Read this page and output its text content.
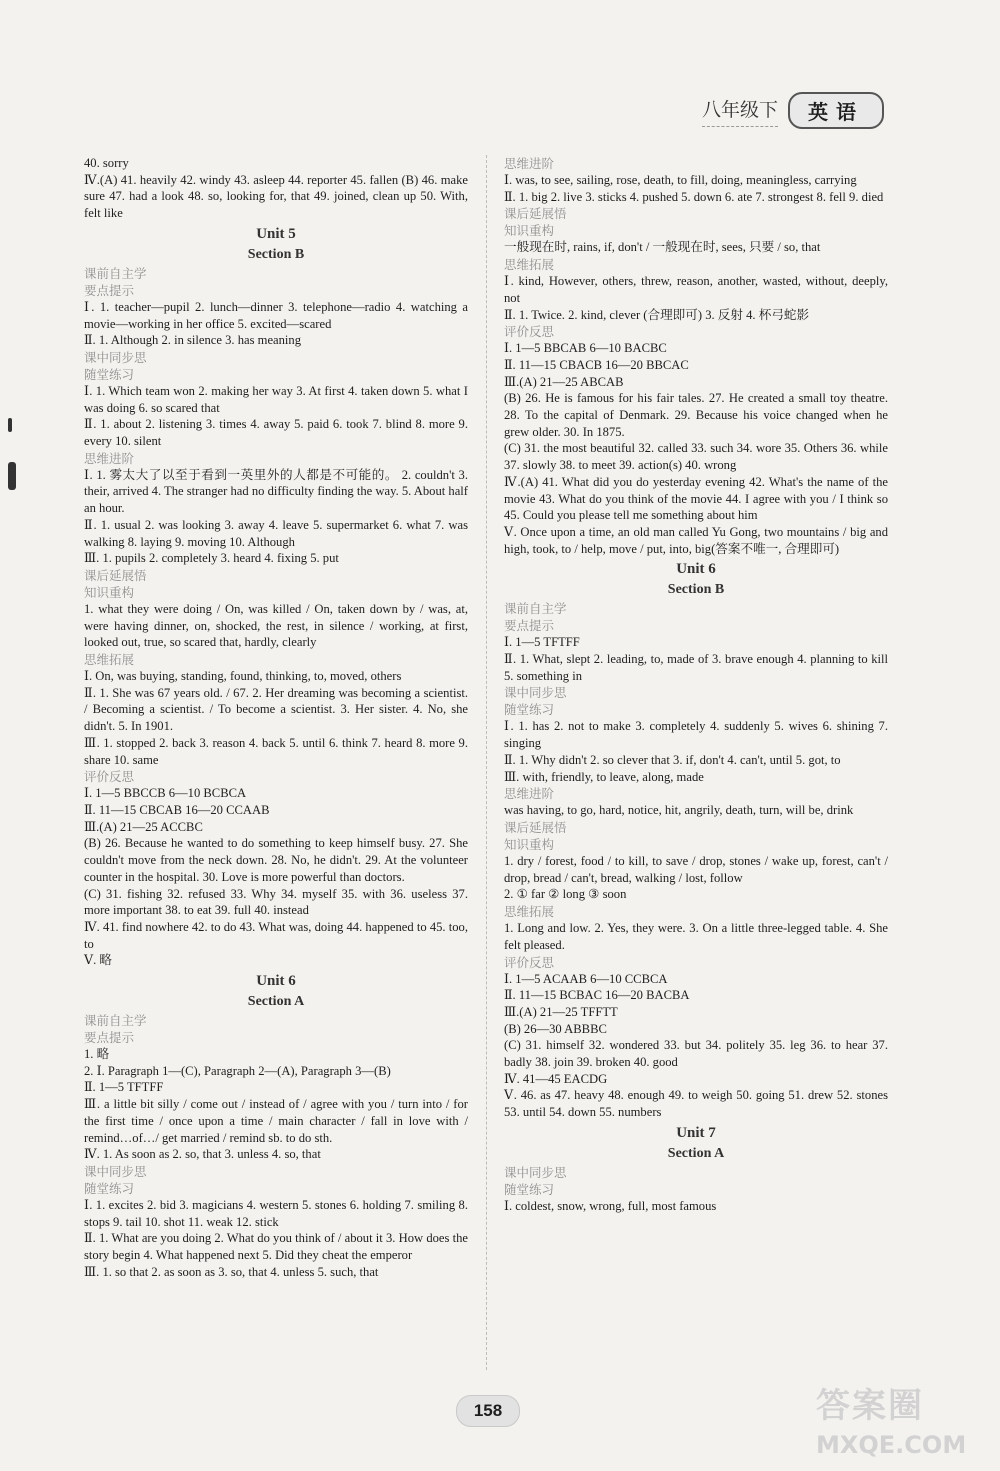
八年级下	英语

40. sorry

Ⅳ.(A) 41. heavily 42. windy 43. asleep 44. reporter 45. fallen (B) 46. make sure 47. had a look 48. so, looking for, that 49. joined, clean up 50. With, felt like

Unit 5

Section B

课前自主学

要点提示

Ⅰ. 1. teacher—pupil 2. lunch—dinner 3. telephone—radio 4. watching a movie—working in her office 5. excited—scared

Ⅱ. 1. Although 2. in silence 3. has meaning

课中同步思

随堂练习

Ⅰ. 1. Which team won 2. making her way 3. At first 4. taken down 5. what I was doing 6. so scared that

Ⅱ. 1. about 2. listening 3. times 4. away 5. paid 6. took 7. blind 8. more 9. every 10. silent

思维进阶

Ⅰ. 1. 雾太大了以至于看到一英里外的人都是不可能的。 2. couldn't 3. their, arrived 4. The stranger had no difficulty finding the way. 5. About half an hour.

Ⅱ. 1. usual 2. was looking 3. away 4. leave 5. supermarket 6. what 7. was walking 8. laying 9. moving 10. Although

Ⅲ. 1. pupils 2. completely 3. heard 4. fixing 5. put

课后延展悟

知识重构

1. what they were doing / On, was killed / On, taken down by / was, at, were having dinner, on, shocked, the rest, in silence / working, at first, looked out, true, so scared that, hardly, clearly

思维拓展

Ⅰ. On, was buying, standing, found, thinking, to, moved, others

Ⅱ. 1. She was 67 years old. / 67. 2. Her dreaming was becoming a scientist. / Becoming a scientist. / To become a scientist. 3. Her sister. 4. No, she didn't. 5. In 1901.

Ⅲ. 1. stopped 2. back 3. reason 4. back 5. until 6. think 7. heard 8. more 9. share 10. same

评价反思

Ⅰ. 1—5 BBCCB 6—10 BCBCA

Ⅱ. 11—15 CBCAB 16—20 CCAAB

Ⅲ.(A) 21—25 ACCBC

(B) 26. Because he wanted to do something to keep himself busy. 27. She couldn't move from the neck down. 28. No, he didn't. 29. At the volunteer counter in the hospital. 30. Love is more powerful than doctors.

(C) 31. fishing 32. refused 33. Why 34. myself 35. with 36. useless 37. more important 38. to eat 39. full 40. instead

Ⅳ. 41. find nowhere 42. to do 43. What was, doing 44. happened to 45. too, to

Ⅴ. 略

Unit 6

Section A

课前自主学

要点提示

1. 略

2. Ⅰ. Paragraph 1—(C), Paragraph 2—(A), Paragraph 3—(B)

Ⅱ. 1—5 TFTFF

Ⅲ. a little bit silly / come out / instead of / agree with you / turn into / for the first time / once upon a time / main character / fall in love with / remind…of…/ get married / remind sb. to do sth.

Ⅳ. 1. As soon as 2. so, that 3. unless 4. so, that

课中同步思

随堂练习

Ⅰ. 1. excites 2. bid 3. magicians 4. western 5. stones 6. holding 7. smiling 8. stops 9. tail 10. shot 11. weak 12. stick

Ⅱ. 1. What are you doing 2. What do you think of / about it 3. How does the story begin 4. What happened next 5. Did they cheat the emperor

Ⅲ. 1. so that 2. as soon as 3. so, that 4. unless 5. such, that

思维进阶

Ⅰ. was, to see, sailing, rose, death, to fill, doing, meaningless, carrying

Ⅱ. 1. big 2. live 3. sticks 4. pushed 5. down 6. ate 7. strongest 8. fell 9. died

课后延展悟

知识重构

一般现在时, rains, if, don't / 一般现在时, sees, 只要 / so, that

思维拓展

Ⅰ. kind, However, others, threw, reason, another, wasted, without, deeply, not

Ⅱ. 1. Twice. 2. kind, clever (合理即可) 3. 反射 4. 杯弓蛇影

评价反思

Ⅰ. 1—5 BBCAB 6—10 BACBC

Ⅱ. 11—15 CBACB 16—20 BBCAC

Ⅲ.(A) 21—25 ABCAB

(B) 26. He is famous for his fair tales. 27. He created a small toy theatre. 28. To the capital of Denmark. 29. Because his voice changed when he grew older. 30. In 1875.

(C) 31. the most beautiful 32. called 33. such 34. wore 35. Others 36. while 37. slowly 38. to meet 39. action(s) 40. wrong

Ⅳ.(A) 41. What did you do yesterday evening 42. What's the name of the movie 43. What do you think of the movie 44. I agree with you / I think so 45. Could you please tell me something about him

Ⅴ. Once upon a time, an old man called Yu Gong, two mountains / big and high, took, to / help, move / put, into, big(答案不唯一, 合理即可)

Unit 6

Section B

课前自主学

要点提示

Ⅰ. 1—5 TFTFF

Ⅱ. 1. What, slept 2. leading, to, made of 3. brave enough 4. planning to kill 5. something in

课中同步思

随堂练习

Ⅰ. 1. has 2. not to make 3. completely 4. suddenly 5. wives 6. shining 7. singing

Ⅱ. 1. Why didn't 2. so clever that 3. if, don't 4. can't, until 5. got, to

Ⅲ. with, friendly, to leave, along, made

思维进阶

was having, to go, hard, notice, hit, angrily, death, turn, will be, drink

课后延展悟

知识重构

1. dry / forest, food / to kill, to save / drop, stones / wake up, forest, can't / drop, bread / can't, bread, walking / lost, follow

2. ① far ② long ③ soon

思维拓展

1. Long and low. 2. Yes, they were. 3. On a little three-legged table. 4. She felt pleased.

评价反思

Ⅰ. 1—5 ACAAB 6—10 CCBCA

Ⅱ. 11—15 BCBAC 16—20 BACBA

Ⅲ.(A) 21—25 TFFTT

(B) 26—30 ABBBC

(C) 31. himself 32. wondered 33. but 34. politely 35. leg 36. to hear 37. badly 38. join 39. broken 40. good

Ⅳ. 41—45 EACDG

Ⅴ. 46. as 47. heavy 48. enough 49. to weigh 50. going 51. drew 52. stones 53. until 54. down 55. numbers

Unit 7

Section A

课中同步思

随堂练习

Ⅰ. coldest, snow, wrong, full, most famous

158	答案圈
MXQE.COM
